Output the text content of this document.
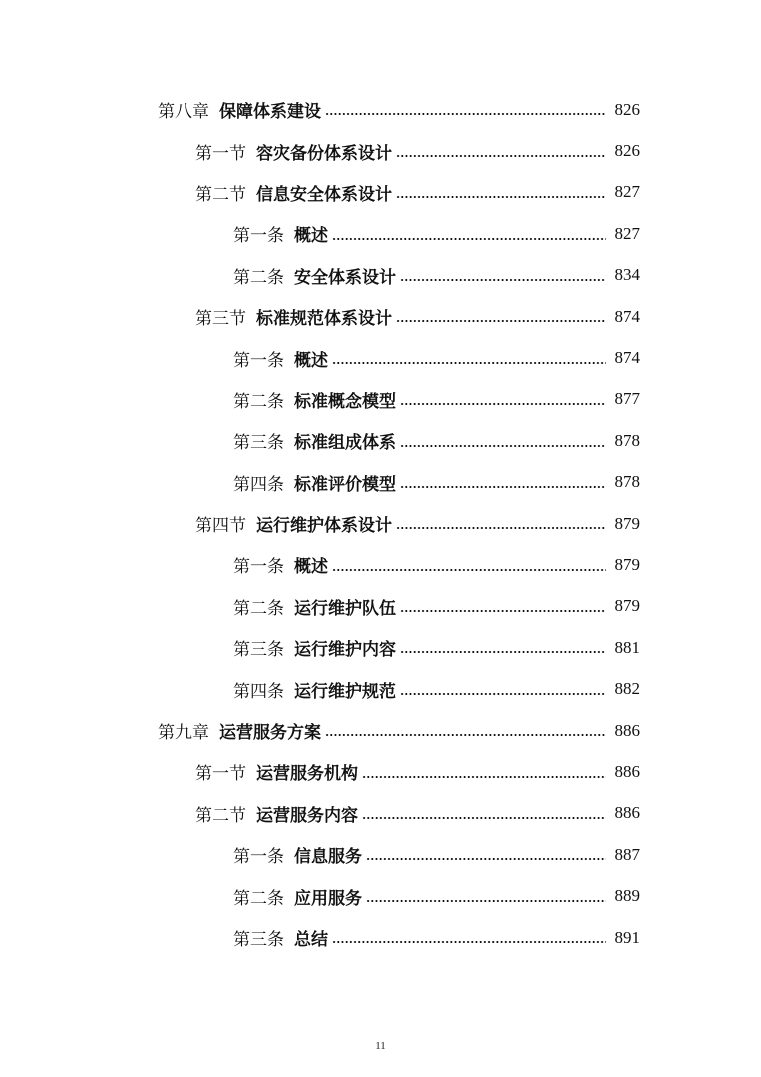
第八章 保障体系建设	826
第一节 容灾备份体系设计	826
第二节 信息安全体系设计	827
第一条 概述	827
第二条 安全体系设计	834
第三节 标准规范体系设计	874
第一条 概述	874
第二条 标准概念模型	877
第三条 标准组成体系	878
第四条 标准评价模型	878
第四节 运行维护体系设计	879
第一条 概述	879
第二条 运行维护队伍	879
第三条 运行维护内容	881
第四条 运行维护规范	882
第九章 运营服务方案	886
第一节 运营服务机构	886
第二节 运营服务内容	886
第一条 信息服务	887
第二条 应用服务	889
第三条 总结	891
11
